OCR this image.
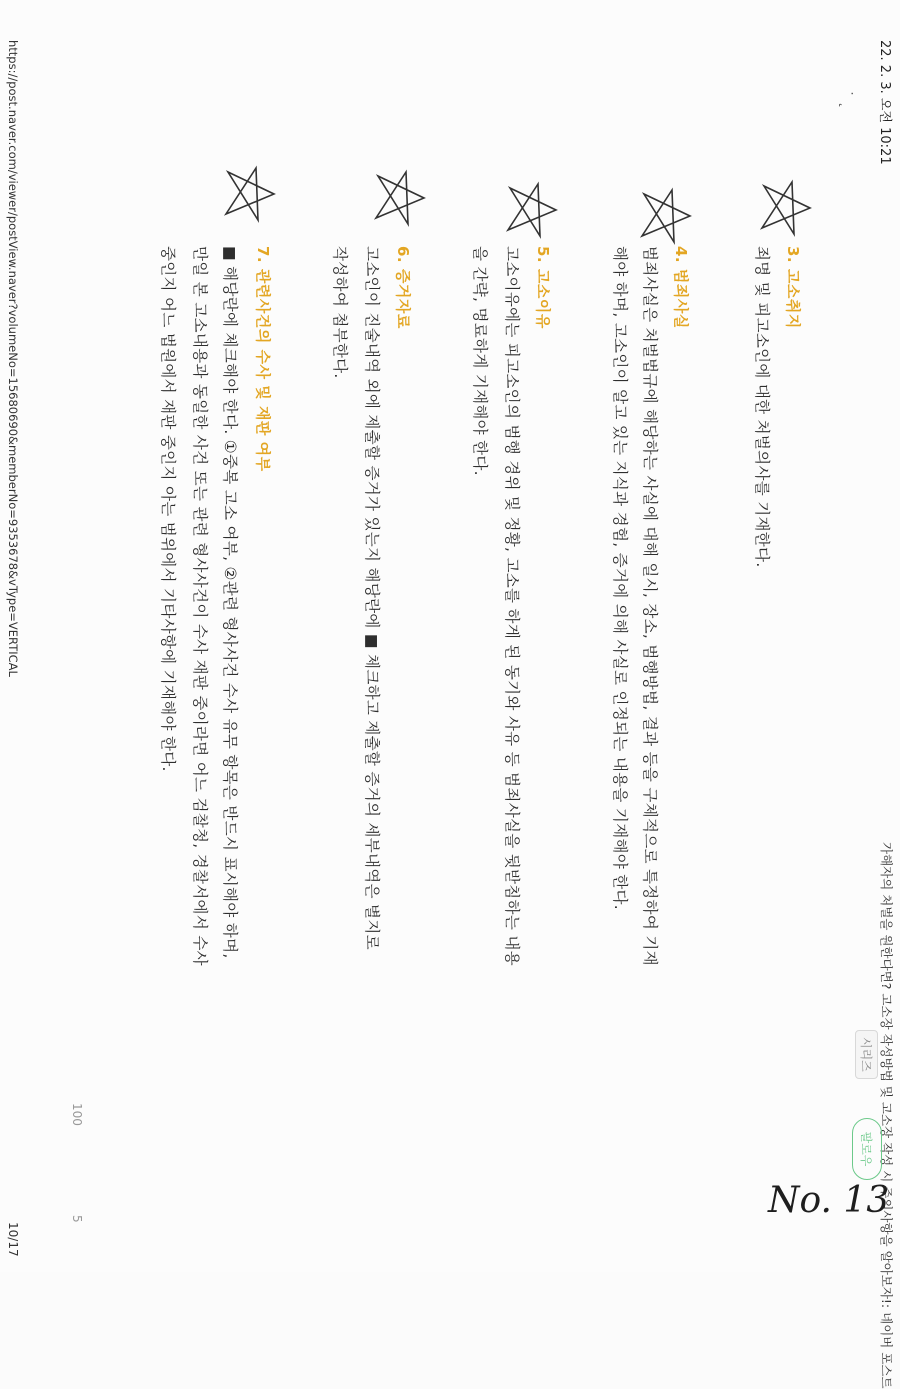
22. 2. 3. 오전 10:21
˙ ˛
가해자의 처벌을 원한다면? 고소장 작성방법 및 고소장 작성 시 주의사항을 알아보자!: 네이버 포스트
시리즈
팔로우
3. 고소취지
죄명 및 피고소인에 대한 처벌의사를 기재한다.
4. 범죄사실
범죄사실은 처벌법규에 해당하는 사실에 대해 일시, 장소, 범행방법, 결과 등을 구체적으로 특정하여 기재
해야 하며, 고소인이 알고 있는 지식과 경험, 증거에 의해 사실로 인정되는 내용을 기재해야 한다.
5. 고소이유
고소이유에는 피고소인의 범행 경위 및 정황, 고소를 하게 된 동기와 사유 등 범죄사실을 뒷받침하는 내용
을 간략, 명료하게 기재해야 한다.
6. 증거자료
고소인이 진술내역 외에 제출할 증거가 있는지 해당란에 ■ 체크하고 제출할 증거의 세부내역은 별지로
작성하여 첨부한다.
7. 관련사건의 수사 및 재판 여부
■ 해당란에 체크해야 한다. ①중복 고소 여부, ②관련 형사사건 수사 유무 항목은 반드시 표시해야 하며,
만일 본 고소내용과 동일한 사건 또는 관련 형사사건이 수사 재판 중이라면 어느 검찰청, 경찰서에서 수사
중인지 어느 법원에서 재판 중인지 아는 범위에서 기타사항에 기재해야 한다.
No. 13
100
5
https://post.naver.com/viewer/postView.naver?volumeNo=15680690&memberNo=9353678&vType=VERTICAL
10/17
